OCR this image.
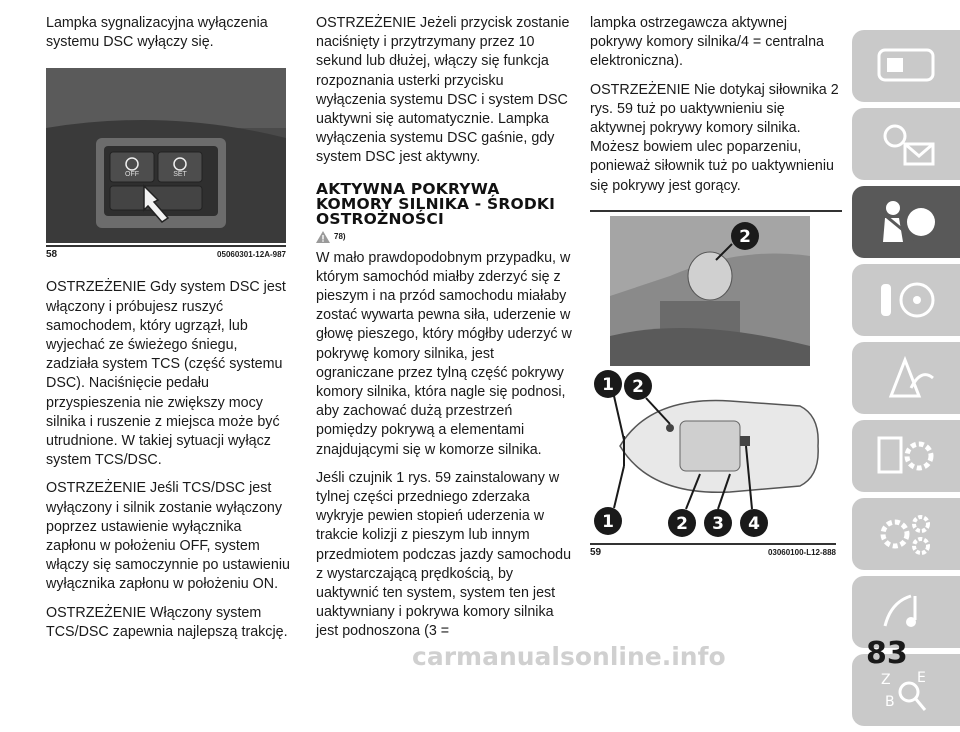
Lampka sygnalizacyjna wyłączenia systemu DSC wyłączy się.

OFF	SET
58	05060301-12A-987

OSTRZEŻENIE Gdy system DSC jest włączony i próbujesz ruszyć samochodem, który ugrzązł, lub wyjechać ze świeżego śniegu, zadziała system TCS (część systemu DSC). Naciśnięcie pedału przyspieszenia nie zwiększy mocy silnika i ruszenie z miejsca może być utrudnione. W takiej sytuacji wyłącz system TCS/DSC.

OSTRZEŻENIE Jeśli TCS/DSC jest wyłączony i silnik zostanie wyłączony poprzez ustawienie wyłącznika zapłonu w położeniu OFF, system włączy się samoczynnie po ustawieniu wyłącznika zapłonu w położeniu ON.

OSTRZEŻENIE Włączony system TCS/DSC zapewnia najlepszą trakcję.

OSTRZEŻENIE Jeżeli przycisk zostanie naciśnięty i przytrzymany przez 10 sekund lub dłużej, włączy się funkcja rozpoznania usterki przycisku wyłączenia systemu DSC i system DSC uaktywni się automatycznie. Lampka wyłączenia systemu DSC gaśnie, gdy system DSC jest aktywny.

AKTYWNA POKRYWA KOMORY SILNIKA - ŚRODKI OSTROŻNOŚCI
78)

W mało prawdopodobnym przypadku, w którym samochód miałby zderzyć się z pieszym i na przód samochodu miałaby zostać wywarta pewna siła, uderzenie w głowę pieszego, który mógłby uderzyć w pokrywę komory silnika, jest ograniczane przez tylną część pokrywy komory silnika, która nagle się podnosi, aby zachować dużą przestrzeń pomiędzy pokrywą a elementami znajdującymi się w komorze silnika.

Jeśli czujnik 1 rys. 59 zainstalowany w tylnej części przedniego zderzaka wykryje pewien stopień uderzenia w trakcie kolizji z pieszym lub innym przedmiotem podczas jazdy samochodu z wystarczającą prędkością, by uaktywnić ten system, system ten jest uaktywniany i pokrywa komory silnika jest podnoszona (3 =

lampka ostrzegawcza aktywnej pokrywy komory silnika/4 = centralna elektroniczna).

OSTRZEŻENIE Nie dotykaj siłownika 2 rys. 59 tuż po uaktywnieniu się aktywnej pokrywy komory silnika. Możesz bowiem ulec poparzeniu, ponieważ siłownik tuż po uaktywnieniu się pokrywy jest gorący.

2
1 2
1	2 3 4
59	03060100-L12-888
Z E
B
83
carmanualsonline.info
